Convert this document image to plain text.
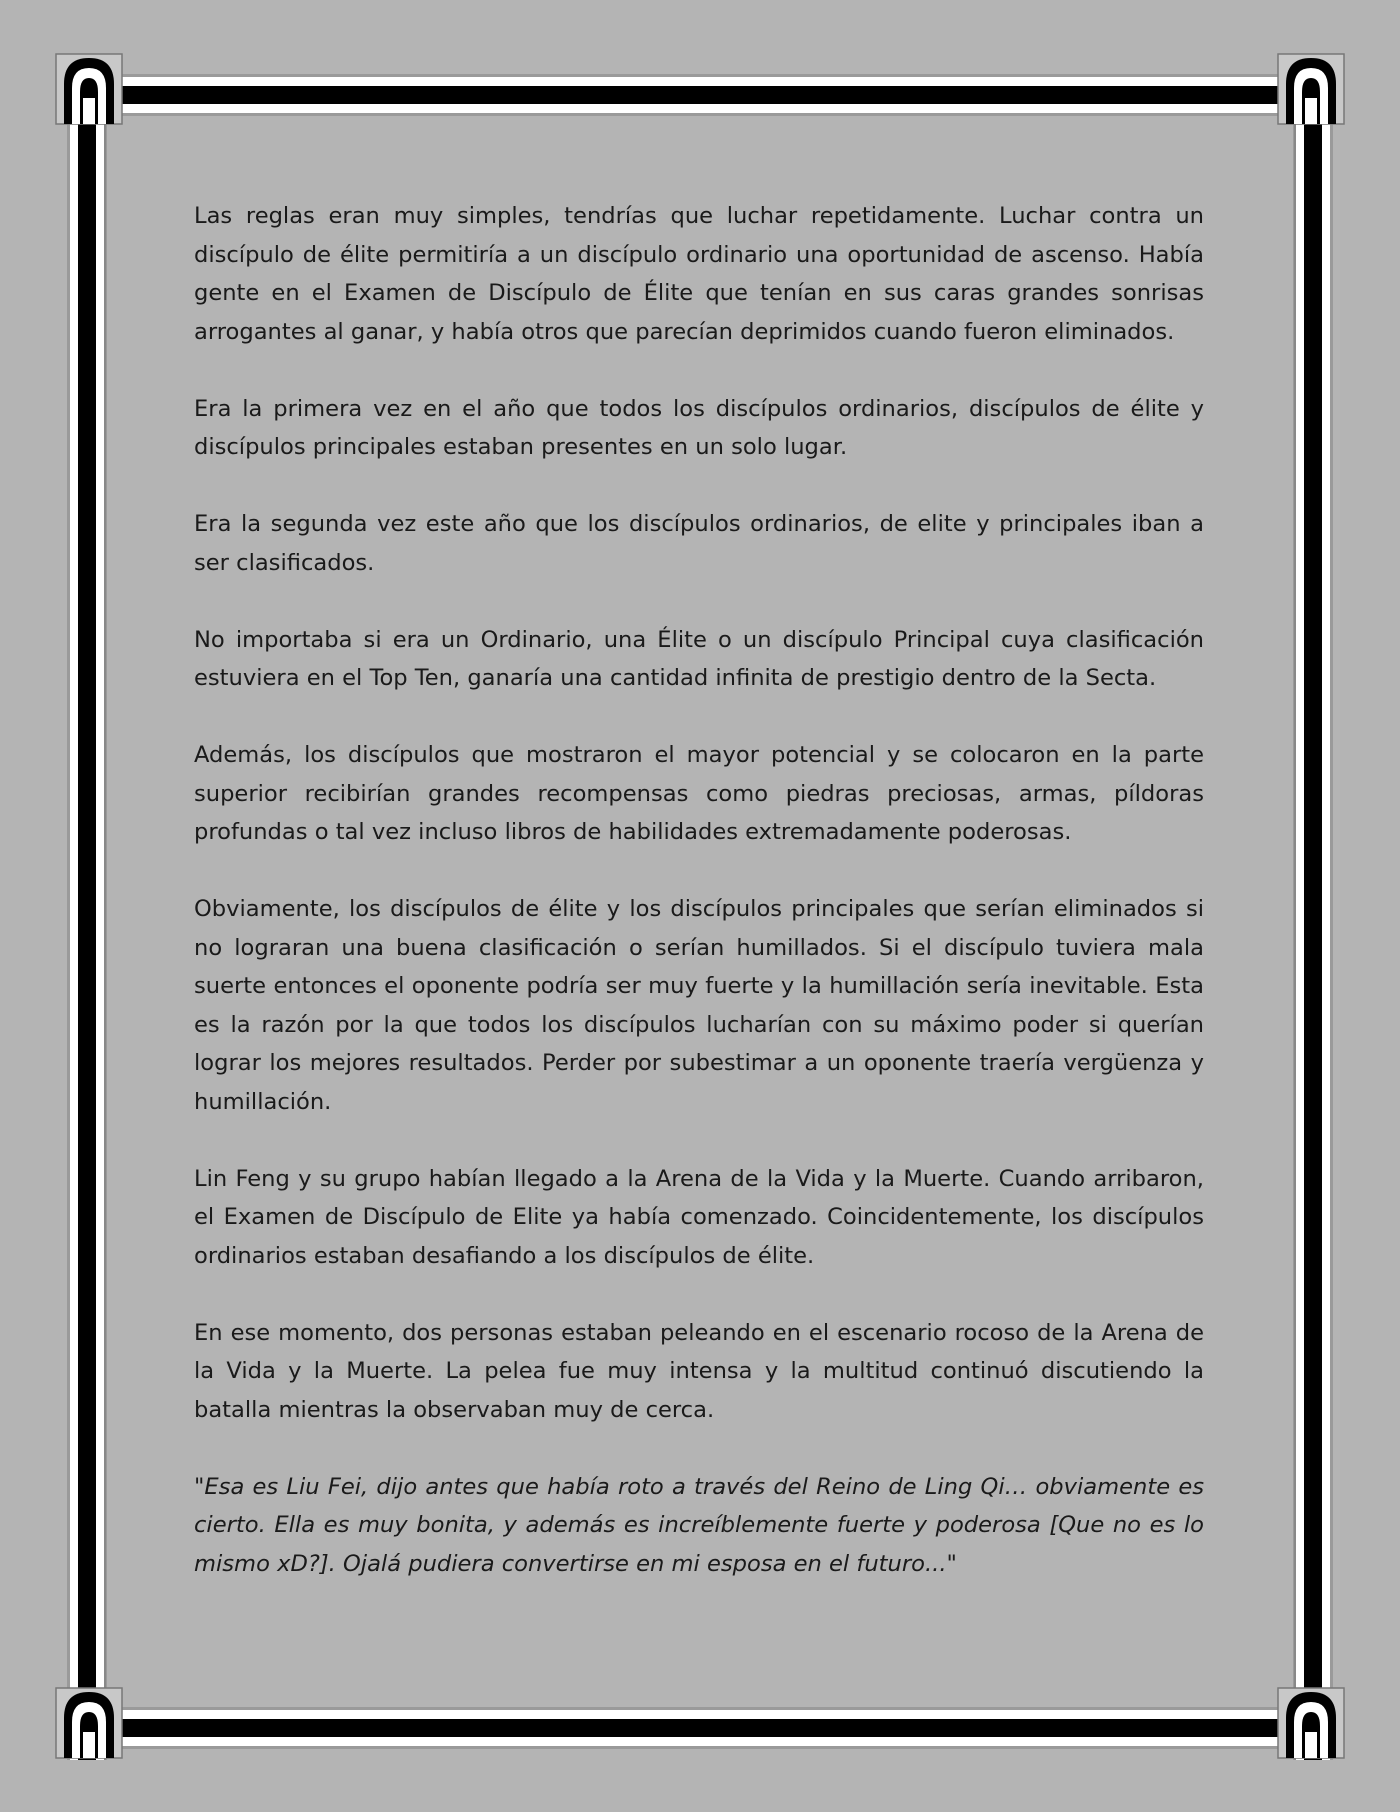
Las reglas eran muy simples, tendrías que luchar repetidamente. Luchar contra un discípulo de élite permitiría a un discípulo ordinario una oportunidad de ascenso. Había gente en el Examen de Discípulo de Élite que tenían en sus caras grandes sonrisas arrogantes al ganar, y había otros que parecían deprimidos cuando fueron eliminados.

Era la primera vez en el año que todos los discípulos ordinarios, discípulos de élite y discípulos principales estaban presentes en un solo lugar.

Era la segunda vez este año que los discípulos ordinarios, de elite y principales iban a ser clasificados.

No importaba si era un Ordinario, una Élite o un discípulo Principal cuya clasificación estuviera en el Top Ten, ganaría una cantidad infinita de prestigio dentro de la Secta.

Además, los discípulos que mostraron el mayor potencial y se colocaron en la parte superior recibirían grandes recompensas como piedras preciosas, armas, píldoras profundas o tal vez incluso libros de habilidades extremadamente poderosas.

Obviamente, los discípulos de élite y los discípulos principales que serían eliminados si no lograran una buena clasificación o serían humillados. Si el discípulo tuviera mala suerte entonces el oponente podría ser muy fuerte y la humillación sería inevitable. Esta es la razón por la que todos los discípulos lucharían con su máximo poder si querían lograr los mejores resultados. Perder por subestimar a un oponente traería vergüenza y humillación.

Lin Feng y su grupo habían llegado a la Arena de la Vida y la Muerte. Cuando arribaron, el Examen de Discípulo de Elite ya había comenzado. Coincidentemente, los discípulos ordinarios estaban desafiando a los discípulos de élite.

En ese momento, dos personas estaban peleando en el escenario rocoso de la Arena de la Vida y la Muerte. La pelea fue muy intensa y la multitud continuó discutiendo la batalla mientras la observaban muy de cerca.

"Esa es Liu Fei, dijo antes que había roto a través del Reino de Ling Qi… obviamente es cierto. Ella es muy bonita, y además es increíblemente fuerte y poderosa [Que no es lo mismo xD?]. Ojalá pudiera convertirse en mi esposa en el futuro..."
